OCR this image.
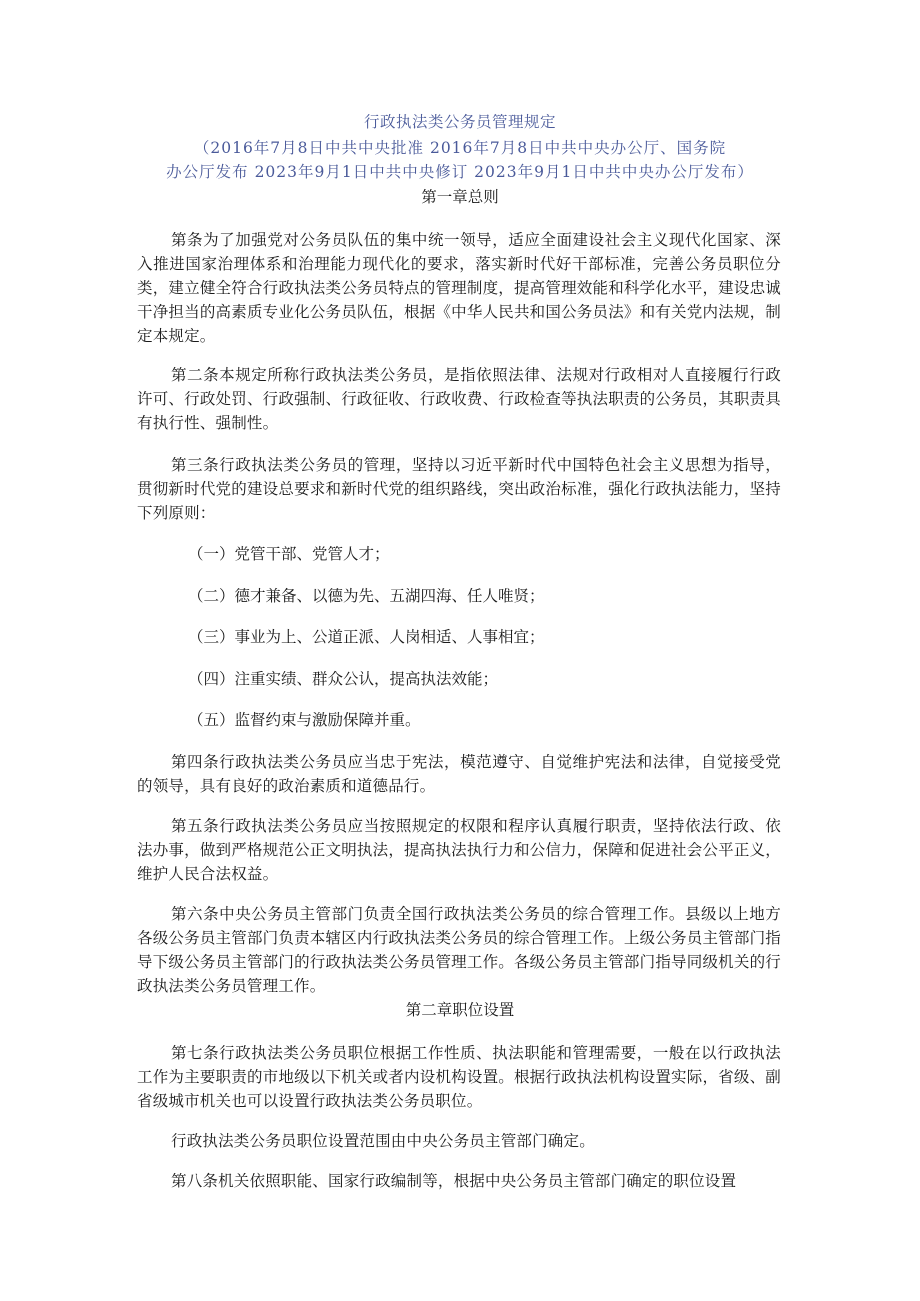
行政执法类公务员管理规定
（2016年7月8日中共中央批准 2016年7月8日中共中央办公厅、国务院
办公厅发布 2023年9月1日中共中央修订 2023年9月1日中共中央办公厅发布）
第一章总则

第条为了加强党对公务员队伍的集中统一领导，适应全面建设社会主义现代化国家、深入推进国家治理体系和治理能力现代化的要求，落实新时代好干部标准，完善公务员职位分类，建立健全符合行政执法类公务员特点的管理制度，提高管理效能和科学化水平，建设忠诚干净担当的高素质专业化公务员队伍，根据《中华人民共和国公务员法》和有关党内法规，制定本规定。

第二条本规定所称行政执法类公务员，是指依照法律、法规对行政相对人直接履行行政许可、行政处罚、行政强制、行政征收、行政收费、行政检查等执法职责的公务员，其职责具有执行性、强制性。

第三条行政执法类公务员的管理，坚持以习近平新时代中国特色社会主义思想为指导，贯彻新时代党的建设总要求和新时代党的组织路线，突出政治标准，强化行政执法能力，坚持下列原则：

（一）党管干部、党管人才；
（二）德才兼备、以德为先、五湖四海、任人唯贤；
（三）事业为上、公道正派、人岗相适、人事相宜；
（四）注重实绩、群众公认，提高执法效能；
（五）监督约束与激励保障并重。

第四条行政执法类公务员应当忠于宪法，模范遵守、自觉维护宪法和法律，自觉接受党的领导，具有良好的政治素质和道德品行。

第五条行政执法类公务员应当按照规定的权限和程序认真履行职责，坚持依法行政、依法办事，做到严格规范公正文明执法，提高执法执行力和公信力，保障和促进社会公平正义，维护人民合法权益。

第六条中央公务员主管部门负责全国行政执法类公务员的综合管理工作。县级以上地方各级公务员主管部门负责本辖区内行政执法类公务员的综合管理工作。上级公务员主管部门指导下级公务员主管部门的行政执法类公务员管理工作。各级公务员主管部门指导同级机关的行政执法类公务员管理工作。

第二章职位设置

第七条行政执法类公务员职位根据工作性质、执法职能和管理需要，一般在以行政执法工作为主要职责的市地级以下机关或者内设机构设置。根据行政执法机构设置实际，省级、副省级城市机关也可以设置行政执法类公务员职位。

行政执法类公务员职位设置范围由中央公务员主管部门确定。

第八条机关依照职能、国家行政编制等，根据中央公务员主管部门确定的职位设置
